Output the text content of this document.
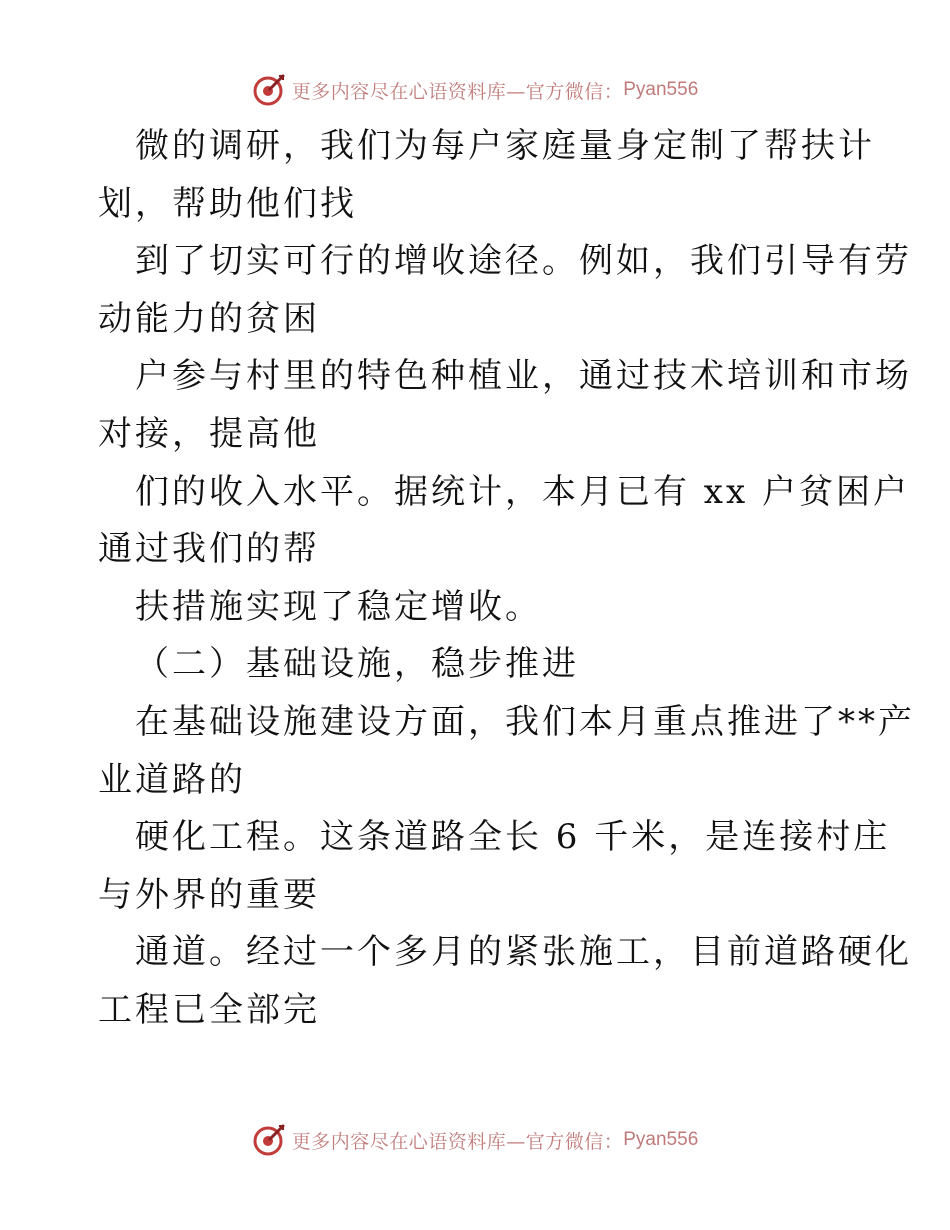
更多内容尽在心语资料库—官方微信： Pyan556
微的调研，我们为每户家庭量身定制了帮扶计
划，帮助他们找
到了切实可行的增收途径。例如，我们引导有劳
动能力的贫困
户参与村里的特色种植业，通过技术培训和市场
对接，提高他
们的收入水平。据统计，本月已有 xx 户贫困户
通过我们的帮
扶措施实现了稳定增收。
（二）基础设施，稳步推进
在基础设施建设方面，我们本月重点推进了**产
业道路的
硬化工程。这条道路全长 6 千米，是连接村庄
与外界的重要
通道。经过一个多月的紧张施工，目前道路硬化
工程已全部完
更多内容尽在心语资料库—官方微信： Pyan556
